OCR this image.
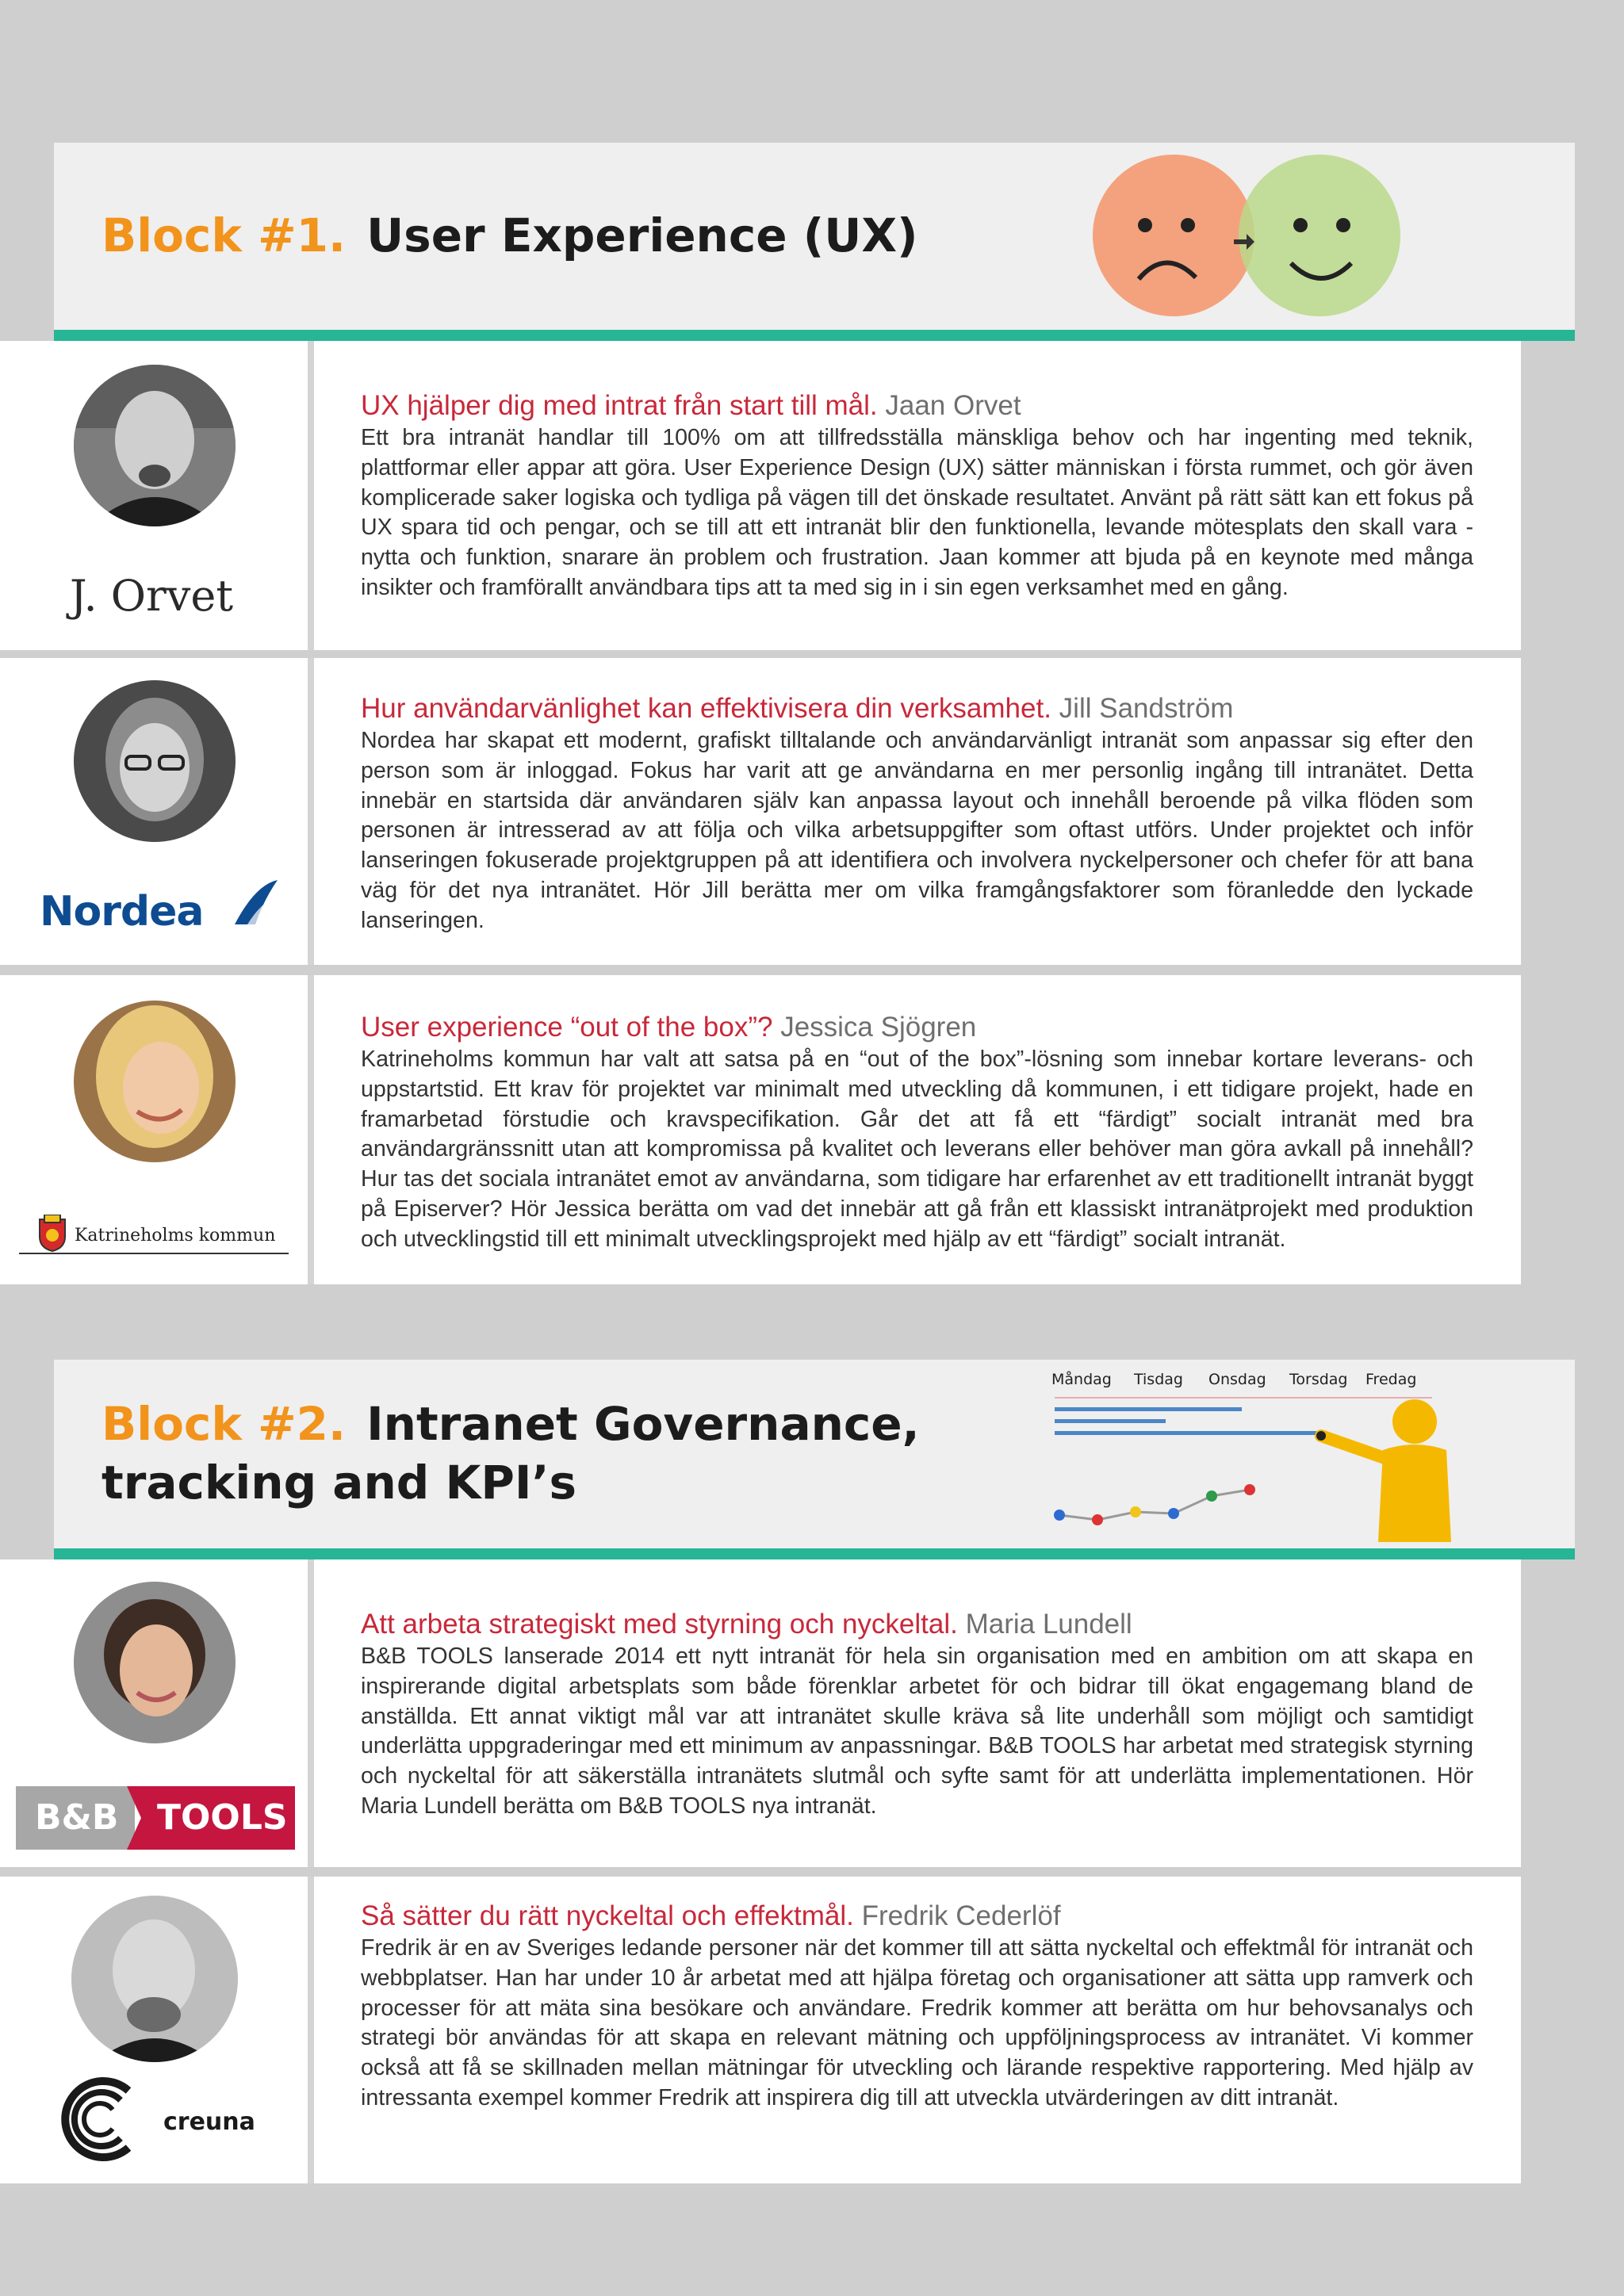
Block #1. User Experience (UX)
J. Orvet

UX hjälper dig med intrat från start till mål. Jaan Orvet

Ett bra intranät handlar till 100% om att tillfredsställa mänskliga behov och har ingenting med teknik, plattformar eller appar att göra. User Experience Design (UX) sätter människan i första rummet, och gör även komplicerade saker logiska och tydliga på vägen till det önskade resultatet. Använt på rätt sätt kan ett fokus på UX spara tid och pengar, och se till att ett intranät blir den funktionella, levande mötesplats den skall vara - nytta och funktion, snarare än problem och frustration. Jaan kommer att bjuda på en keynote med många insikter och framförallt användbara tips att ta med sig in i sin egen verksamhet med en gång.

Nordea

Hur användarvänlighet kan effektivisera din verksamhet. Jill Sandström

Nordea har skapat ett modernt, grafiskt tilltalande och användarvänligt intranät som anpassar sig efter den person som är inloggad. Fokus har varit att ge användarna en mer personlig ingång till intranätet. Detta innebär en startsida där användaren själv kan anpassa layout och innehåll beroende på vilka flöden som personen är intresserad av att följa och vilka arbetsuppgifter som oftast utförs. Under projektet och inför lanseringen fokuserade projektgruppen på att identifiera och involvera nyckelpersoner och chefer för att bana väg för det nya intranätet. Hör Jill berätta mer om vilka framgångsfaktorer som föranledde den lyckade lanseringen.

Katrineholms kommun

User experience “out of the box”? Jessica Sjögren

Katrineholms kommun har valt att satsa på en “out of the box”-lösning som innebar kortare leverans- och uppstartstid. Ett krav för projektet var minimalt med utveckling då kommunen, i ett tidigare projekt, hade en framarbetad förstudie och kravspecifikation. Går det att få ett “färdigt” socialt intranät med bra användargränssnitt utan att kompromissa på kvalitet och leverans eller behöver man göra avkall på innehåll? Hur tas det sociala intranätet emot av användarna, som tidigare har erfarenhet av ett traditionellt intranät byggt på Episerver? Hör Jessica berätta om vad det innebär att gå från ett klassiskt intranätprojekt med produktion och utvecklingstid till ett minimalt utvecklingsprojekt med hjälp av ett “färdigt” socialt intranät.

Block #2. Intranet Governance,
tracking and KPI’s
Måndag Tisdag Onsdag Torsdag Fredag
B&B TOOLS

Att arbeta strategiskt med styrning och nyckeltal. Maria Lundell

B&B TOOLS lanserade 2014 ett nytt intranät för hela sin organisation med en ambition om att skapa en inspirerande digital arbetsplats som både förenklar arbetet för och bidrar till ökat engagemang bland de anställda. Ett annat viktigt mål var att intranätet skulle kräva så lite underhåll som möjligt och samtidigt underlätta uppgraderingar med ett minimum av anpassningar. B&B TOOLS har arbetat med strategisk styrning och nyckeltal för att säkerställa intranätets slutmål och syfte samt för att underlätta implementationen. Hör Maria Lundell berätta om B&B TOOLS nya intranät.

creuna

Så sätter du rätt nyckeltal och effektmål. Fredrik Cederlöf

Fredrik är en av Sveriges ledande personer när det kommer till att sätta nyckeltal och effektmål för intranät och webbplatser. Han har under 10 år arbetat med att hjälpa företag och organisationer att sätta upp ramverk och processer för att mäta sina besökare och användare. Fredrik kommer att berätta om hur behovsanalys och strategi bör användas för att skapa en relevant mätning och uppföljningsprocess av intranätet. Vi kommer också att få se skillnaden mellan mätningar för utveckling och lärande respektive rapportering. Med hjälp av intressanta exempel kommer Fredrik att inspirera dig till att utveckla utvärderingen av ditt intranät.
